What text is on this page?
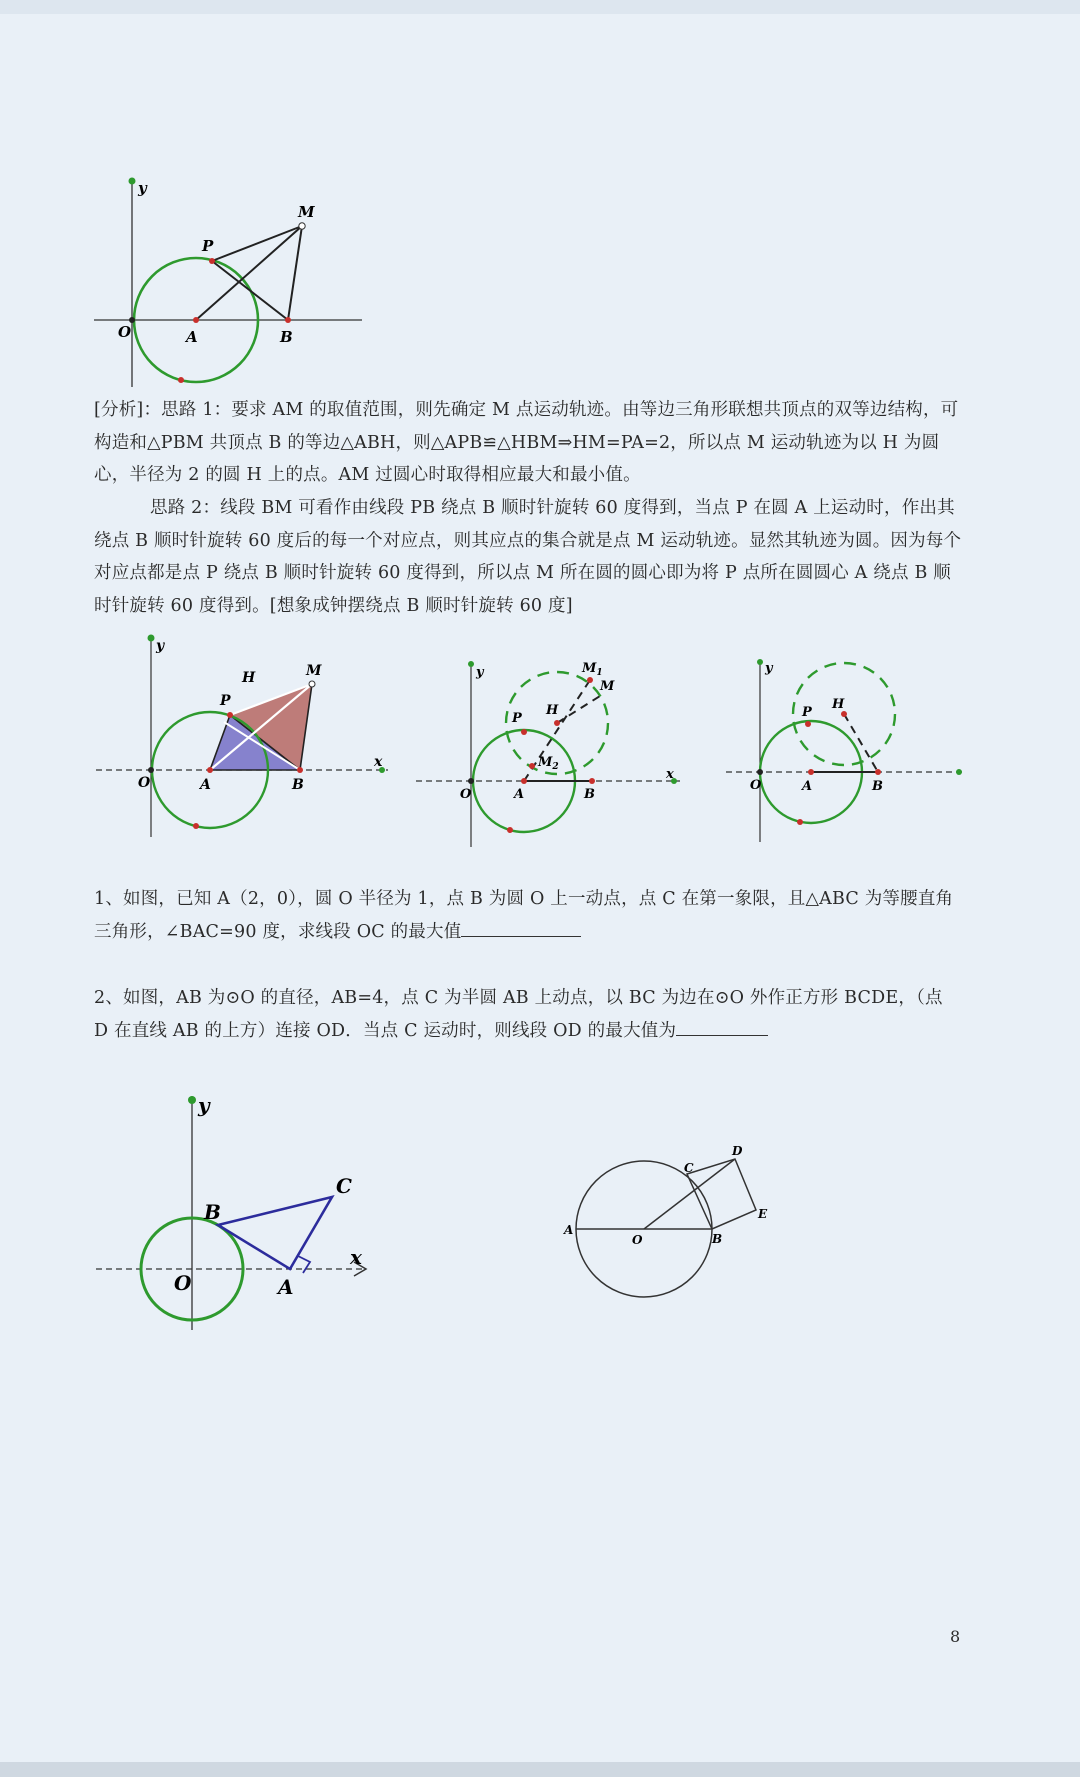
y
O	A	B
P
M

[分析]：思路 1：要求 AM 的取值范围，则先确定 M 点运动轨迹。由等边三角形联想共顶点的双等边结构，可构造和△PBM 共顶点 B 的等边△ABH，则△APB≌△HBM⇒HM=PA=2，所以点 M 运动轨迹为以 H 为圆心，半径为 2 的圆 H 上的点。AM 过圆心时取得相应最大和最小值。

思路 2：线段 BM 可看作由线段 PB 绕点 B 顺时针旋转 60 度得到，当点 P 在圆 A 上运动时，作出其绕点 B 顺时针旋转 60 度后的每一个对应点，则其应点的集合就是点 M 运动轨迹。显然其轨迹为圆。因为每个对应点都是点 P 绕点 B 顺时针旋转 60 度得到，所以点 M 所在圆的圆心即为将 P 点所在圆圆心 A 绕点 B 顺时针旋转 60 度得到。[想象成钟摆绕点 B 顺时针旋转 60 度]

y
O	A	B
P
H	M
x
y
O	A	B
P
H
$M_1$
M
$M_2$	x
y
O	A	B
P
H

1、如图，已知 A（2，0），圆 O 半径为 1，点 B 为圆 O 上一动点，点 C 在第一象限，且△ABC 为等腰直角三角形，∠BAC=90 度，求线段 OC 的最大值

2、如图，AB 为⊙O 的直径，AB=4，点 C 为半圆 AB 上动点，以 BC 为边在⊙O 外作正方形 BCDE，（点 D 在直线 AB 的上方）连接 OD．当点 C 运动时，则线段 OD 的最大值为

B
C
A
O
y
x
A
O	B
C
D
E
8
